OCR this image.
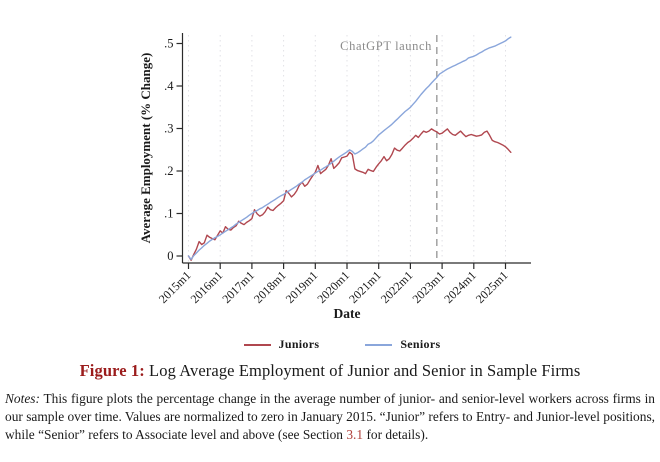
0
.1
.2
.3
.4
.5
2015m1
2016m1
2017m1
2018m1
2019m1
2020m1
2021m1
2022m1
2023m1
2024m1
2025m1
Average Employment (% Change)
Date
ChatGPT launch
Juniors	Seniors
Figure 1: Log Average Employment of Junior and Senior in Sample Firms

Notes: This figure plots the percentage change in the average number of junior- and senior-level workers across firms in our sample over time. Values are normalized to zero in January 2015. “Junior” refers to Entry- and Junior-level positions, while “Senior” refers to Associate level and above (see Section 3.1 for details).
